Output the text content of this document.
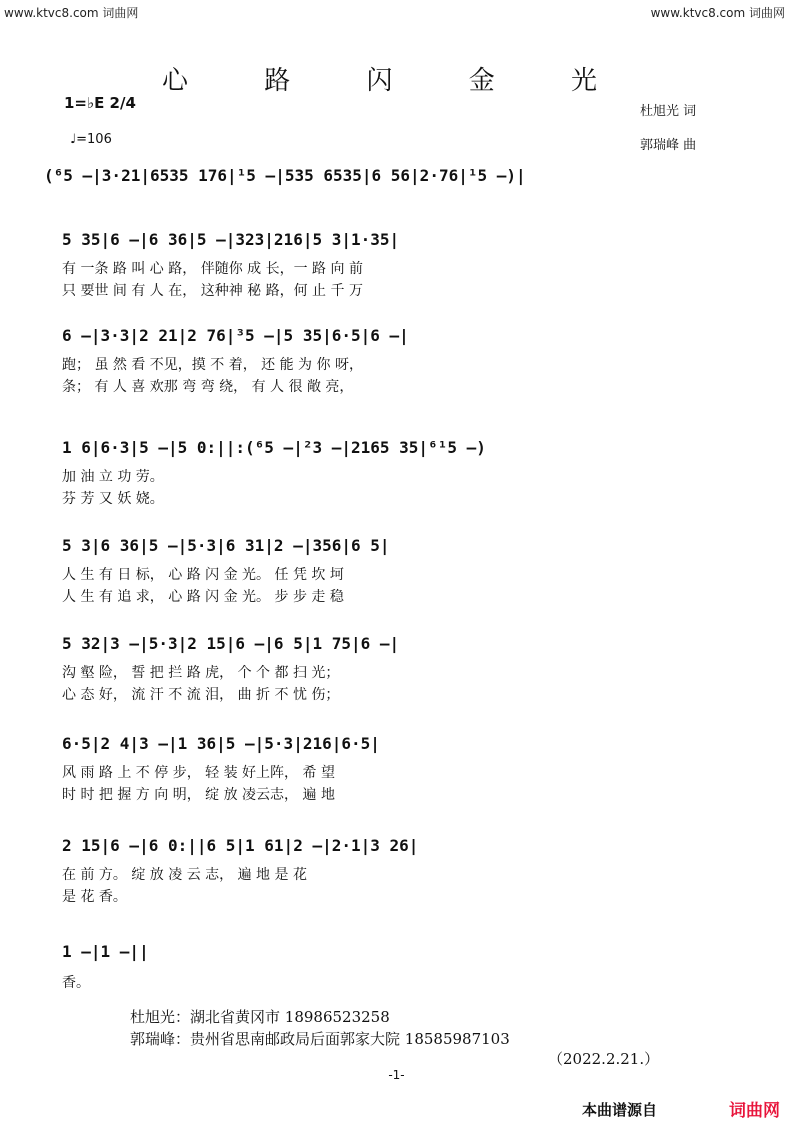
www.ktvc8.com 词曲网	www.ktvc8.com 词曲网
心 路 闪 金 光
1=♭E 2/4
♩=106
杜旭光 词
郭瑞峰 曲
(⁶5 —|3·21|6535 176|¹5 —|535 6535|6 56|2·76|¹5 —)|
5 35|6 —|6 36|5 —|323|216|5 3|1·35|
有 一条 路 叫 心 路， 伴随你 成 长，一 路 向 前
只 要世 间 有 人 在， 这种神 秘 路，何 止 千 万
6 —|3·3|2 21|2 76|³5 —|5 35|6·5|6 —|
跑； 虽 然 看 不见，摸 不 着， 还 能 为 你 呀，
条； 有 人 喜 欢那 弯 弯 绕， 有 人 很 敞 亮，
1 6|6·3|5 —|5 0:||:(⁶5 —|²3 —|2165 35|⁶¹5 —)
加 油 立 功 劳。
芬 芳 又 妖 娆。
5 3|6 36|5 —|5·3|6 31|2 —|356|6 5|
人 生 有 日 标， 心 路 闪 金 光。 任 凭 坎 坷
人 生 有 追 求， 心 路 闪 金 光。 步 步 走 稳
5 32|3 —|5·3|2 15|6 —|6 5|1 75|6 —|
沟 壑 险， 誓 把 拦 路 虎， 个 个 都 扫 光；
心 态 好， 流 汗 不 流 泪， 曲 折 不 忧 伤；
6·5|2 4|3 —|1 36|5 —|5·3|216|6·5|
风 雨 路 上 不 停 步， 轻 装 好上阵， 希 望
时 时 把 握 方 向 明， 绽 放 凌云志， 遍 地
2 15|6 —|6 0:||6 5|1 61|2 —|2·1|3 26|
在 前 方。 绽 放 凌 云 志， 遍 地 是 花
是 花 香。
1 —|1 —||
香。
杜旭光：湖北省黄冈市 18986523258
郭瑞峰：贵州省思南邮政局后面郭家大院 18585987103
（2022.2.21.）
-1-
本曲谱源自	词曲网
